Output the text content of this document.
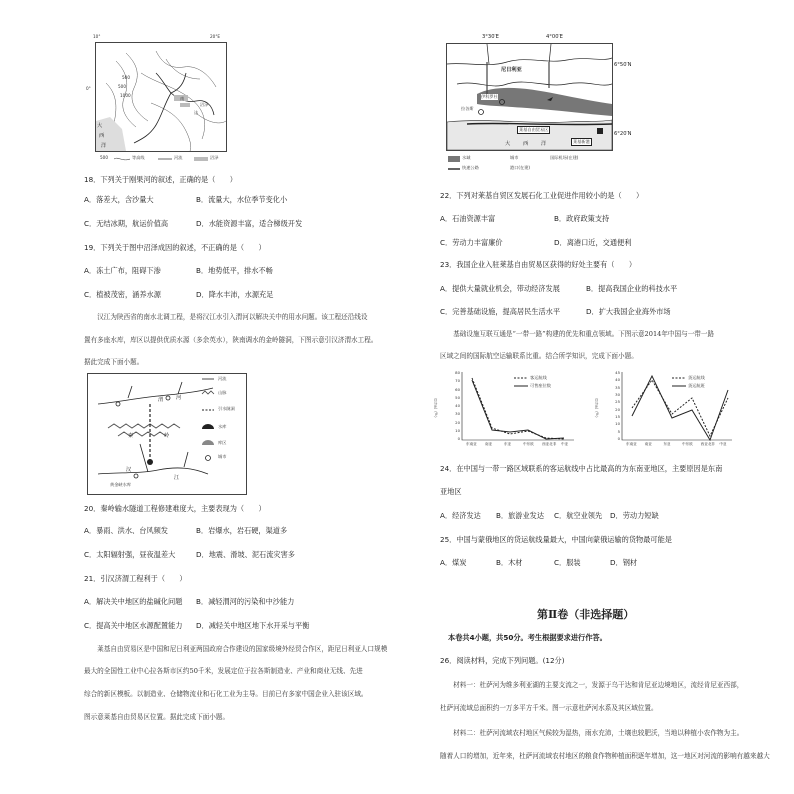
10°	20°E
0°
500
500
1000
沼泽
南
达
大
西
洋
500	等高线	河流	沼泽
18．下列关于刚果河的叙述，正确的是（　　）
A．落差大，含沙量大	B．流量大，水位季节变化小
C．无结冰期，航运价值高	D．水能资源丰富，适合梯级开发
19．下列关于图中沼泽成因的叙述，不正确的是（　　）
A．冻土广布，阻碍下渗	B．地势低平，排水不畅
C．植被茂密，涵养水源	D．降水丰沛，水源充足
　　汉江为陕西省的南水北调工程，是将汉江水引入渭河以解决关中的用水问题。该工程还沿线设
置有多座水库，库区以提供优质水源（多余英水），陕南调水的金岭隧洞，下图示意引汉济渭水工程。
据此完成下面小题。
河流
山脉
引水隧洞
水库
库区
城市
渭 河
秦	岭
汉
江
黄金峡水库
20．秦岭输水隧道工程修建难度大，主要表现为（　　）
A．暴雨、洪水、台风频发	B．岩爆水，岩石硬，渠道多
C．太阳辐射强，昼夜温差大	D．地震、滑坡、泥石流灾害多
21．引汉济渭工程利于（　　）
A．解决关中地区的盐碱化问题 B．减轻渭河的污染和中沙能力
C．提高关中地区水源配置能力 D．减轻关中地区地下水开采与平衡
　　莱基自由贸易区是中国和尼日利亚两国政府合作建设的国家级境外经贸合作区，距尼日利亚人口规模
最大的全国性工业中心拉各斯市区约50千米，发展定位于拉各斯制造业、产业和商业无线、先进
综合的新区模板。以制造业、仓储物流业和石化工业为主导。目前已有多家中国企业入驻该区域。
图示意莱基自由贸易区位置。据此完成下面小题。
3°30′E	4°00′E
尼日利亚
伊科罗杜
拉各斯
莱基自由贸易区
莱基新港
大 西 洋
6°50′N
6°20′N
水域	城市	国际机场(在建)
快速公路	港口(在建)
22．下列对莱基自贸区发展石化工业促进作用较小的是（　　）
A．石油资源丰富	B．政府政策支持
C．劳动力丰富廉价	D．离港口近，交通便利
23．我国企业入驻莱基自由贸易区获得的好处主要有（　　）
A．提供大量就业机会，带动经济发展	B．提高我国企业的科技水平
C．完善基础设施，提高居民生活水平	D．扩大我国企业海外市场
　　基础设施互联互通是“一带一路”构建的优先和重点领域。下图示意2014年中国与一带一路
区域之间的国际航空运输联系比重。结合所学知识，完成下面小题。
客运航线
可售座位数
货运航线
货运航班
80
70
60
50
40
30
20
10
0
45
40
35
30
25
20
15
10
5
0
东南亚 南亚	东亚	中东欧 西亚北非 中亚	东南亚 南亚	东亚	中东欧 西亚北非 中亚
百分比（%）	百分比（%）
24．在中国与一带一路区域联系的客运航线中占比最高的为东南亚地区，主要原因是东南
亚地区
A．经济发达 B．旅游业发达 C．航空业领先 D．劳动力短缺
25．中国与蒙俄地区的货运航线量最大，中国向蒙俄运输的货物最可能是
A．煤炭	B．木材	C．服装	D．钢材
第Ⅱ卷（非选择题）
本卷共4小题，共50分。考生根据要求进行作答。
26．阅读材料，完成下列问题。(12分)
　　材料一：杜萨河为维多利亚湖的主要支流之一，发源于乌干达和肯尼亚边境地区，流经肯尼亚西部，
杜萨河流域总面积约一万多平方千米。图一示意杜萨河水系及其区域位置。
　　材料二：杜萨河流域农村地区气候较为湿热，雨水充沛，土壤也较肥沃，当地以种植小农作物为主。
随着人口的增加，近年来，杜萨河流域农村地区的粮食作物种植面积逐年增加，这一地区对河流的影响有越来越大
